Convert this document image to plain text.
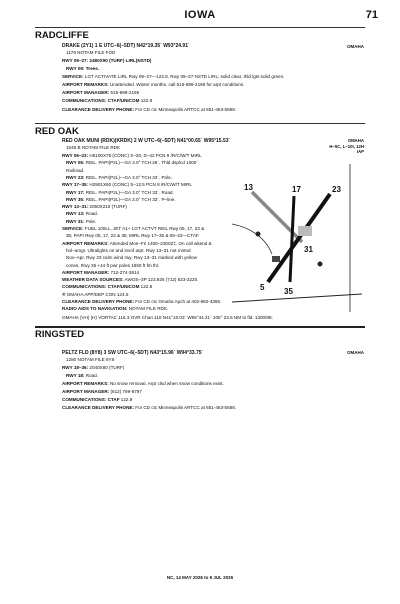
IOWA	71
RADCLIFFE
OMAHA
DRAKE (2Y1) 1 E UTC–6(–5DT) N42°19.35´ W93°24.91´
1179 NOTAM FILE FOD
RWY 09–27: 2480X90 (TURF) LIRL(NSTD)
RWY 09: Trees.
SERVICE: LGT ACTIVATE LIRL Rwy 09–27—122.8. Rwy 09–27 NSTD LIRL; solid clear, thld lgts solid green.
AIRPORT REMARKS: Unattended. Winter months, call 515-899-2169 for arpt conditions.
AIRPORT MANAGER: 515-899-2169
COMMUNICATIONS: CTAF/UNICOM 122.8
CLEARANCE DELIVERY PHONE: For CD ctc Minneapolis ARTCC at 651-463-5588.
RED OAK
RED OAK MUNI (RDK)(KRDK) 2 W UTC–6(–5DT) N41°00.65´ W95°15.53´
1045 B NOTAM FILE RDK
OMAHA
H–5C, L–10I, 12H
IAP
RWY 05–23: H5100X75 (CONC) S–30, D–42 PCN 9 /R/C/W/T MIRL
RWY 05: REIL. PAPI(P2L)—GA 3.0° TCH 26´. Thld dsplcd 1000´.
Railroad.
RWY 23: REIL. PAPI(P2L)—GA 3.0° TCH 33´. Pole.
RWY 17–35: H2901X60 (CONC) S–12.5 PCN 8 /R/C/W/T MIRL
RWY 17: REIL. PAPI(P2L)—GA 3.0° TCH 33´. Road.
RWY 35: REIL. PAPI(P2L)—GA 3.0° TCH 33´. P–line.
RWY 13–31: 2050X210 (TURF)
RWY 13: Road.
RWY 31: Pole.
SERVICE: FUEL 100LL, JET A1+ LGT ACTVT REIL Rwy 05, 17, 23 &
35; PAPI Rwy 05, 17, 23 & 35; MIRL Rwy 17–35 & 05–23—CTAF.
AIRPORT REMARKS: Attended Mon–Fri 1400–2300Z‡. On call wkend &
hol–amgr. Ultralights on and invof arpt. Rwy 13–31 not mntnd
Nov–Apr. Rwy 23 calm wind rwy. Rwy 13–31 marked with yellow
cones. Rwy 35 +44 ft pwr poles 1650 ft fm thr.
AIRPORT MANAGER: 712-274-3614
WEATHER DATA SOURCES: AWOS–3P 123.925 (712) 623-3220.
COMMUNICATIONS: CTAF/UNICOM 122.8
® OMAHA APP/DEP CON 124.5
CLEARANCE DELIVERY PHONE: For CD ctc Omaha Apch at 402-682-4395.
RADIO AIDS TO NAVIGATION: NOTAM FILE RDK.
13	17	23
35
31
5
OMAHA (VH) (H) VORTAC 116.3 OVR Chan 110 N41°10.03´ W95°44.21´ 105° 23.6 NM to fld. 1300/8E.
RINGSTED
OMAHA
PELTZ FLD (8Y8) 3 SW UTC–6(–5DT) N43°15.96´ W94°33.75´
1280 NOTAM FILE 8Y8
RWY 18–36: 2040X80 (TURF)
RWY 18: Road.
AIRPORT REMARKS: No snow removal. Arpt clsd when snow conditions exist.
AIRPORT MANAGER: (612) 799-8797
COMMUNICATIONS: CTAF 122.9
CLEARANCE DELIVERY PHONE: For CD ctc Minneapolis ARTCC at 651-463-5588.
NC, 14 MAY 2026 to 9 JUL 2026
